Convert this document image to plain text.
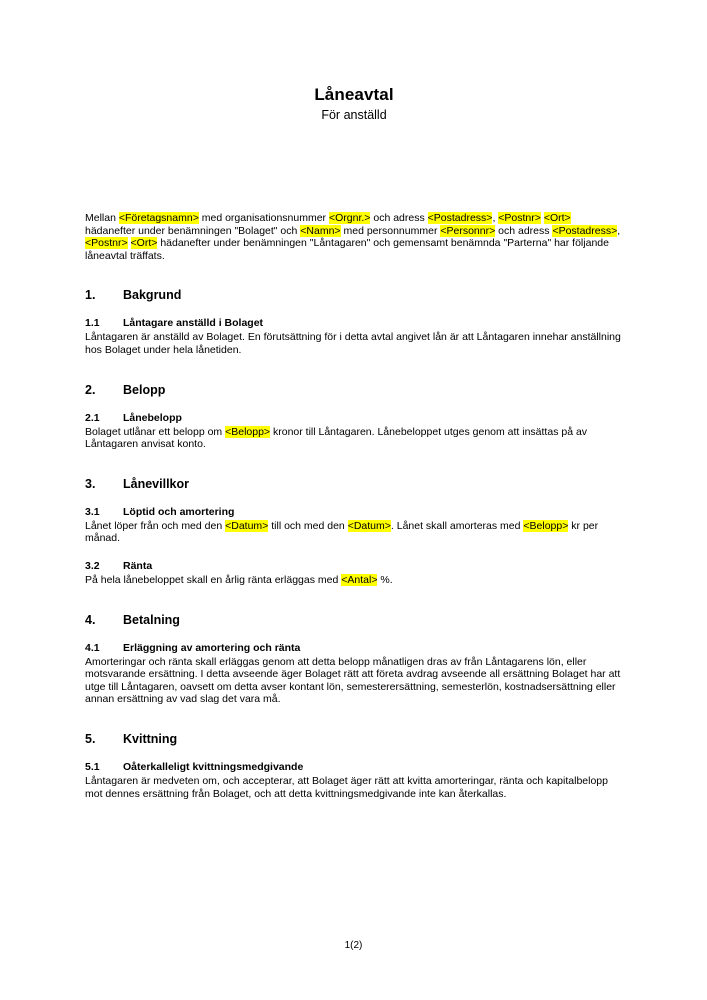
Låneavtal
För anställd

Mellan <Företagsnamn> med organisationsnummer <Orgnr.> och adress <Postadress>, <Postnr> <Ort> hädanefter under benämningen "Bolaget" och <Namn> med personnummer <Personnr> och adress <Postadress>, <Postnr> <Ort> hädanefter under benämningen "Låntagaren" och gemensamt benämnda "Parterna" har följande låneavtal träffats.

1.	Bakgrund
1.1	Låntagare anställd i Bolaget

Låntagaren är anställd av Bolaget. En förutsättning för i detta avtal angivet lån är att Låntagaren innehar anställning hos Bolaget under hela lånetiden.

2.	Belopp
2.1	Lånebelopp

Bolaget utlånar ett belopp om <Belopp> kronor till Låntagaren. Lånebeloppet utges genom att insättas på av Låntagaren anvisat konto.

3.	Lånevillkor
3.1	Löptid och amortering

Lånet löper från och med den <Datum> till och med den <Datum>. Lånet skall amorteras med <Belopp> kr per månad.

3.2	Ränta

På hela lånebeloppet skall en årlig ränta erläggas med <Antal> %.

4.	Betalning
4.1	Erläggning av amortering och ränta

Amorteringar och ränta skall erläggas genom att detta belopp månatligen dras av från Låntagarens lön, eller motsvarande ersättning. I detta avseende äger Bolaget rätt att företa avdrag avseende all ersättning Bolaget har att utge till Låntagaren, oavsett om detta avser kontant lön, semesterersättning, semesterlön, kostnadsersättning eller annan ersättning av vad slag det vara må.

5.	Kvittning
5.1	Oåterkalleligt kvittningsmedgivande

Låntagaren är medveten om, och accepterar, att Bolaget äger rätt att kvitta amorteringar, ränta och kapitalbelopp mot dennes ersättning från Bolaget, och att detta kvittningsmedgivande inte kan återkallas.

1(2)
